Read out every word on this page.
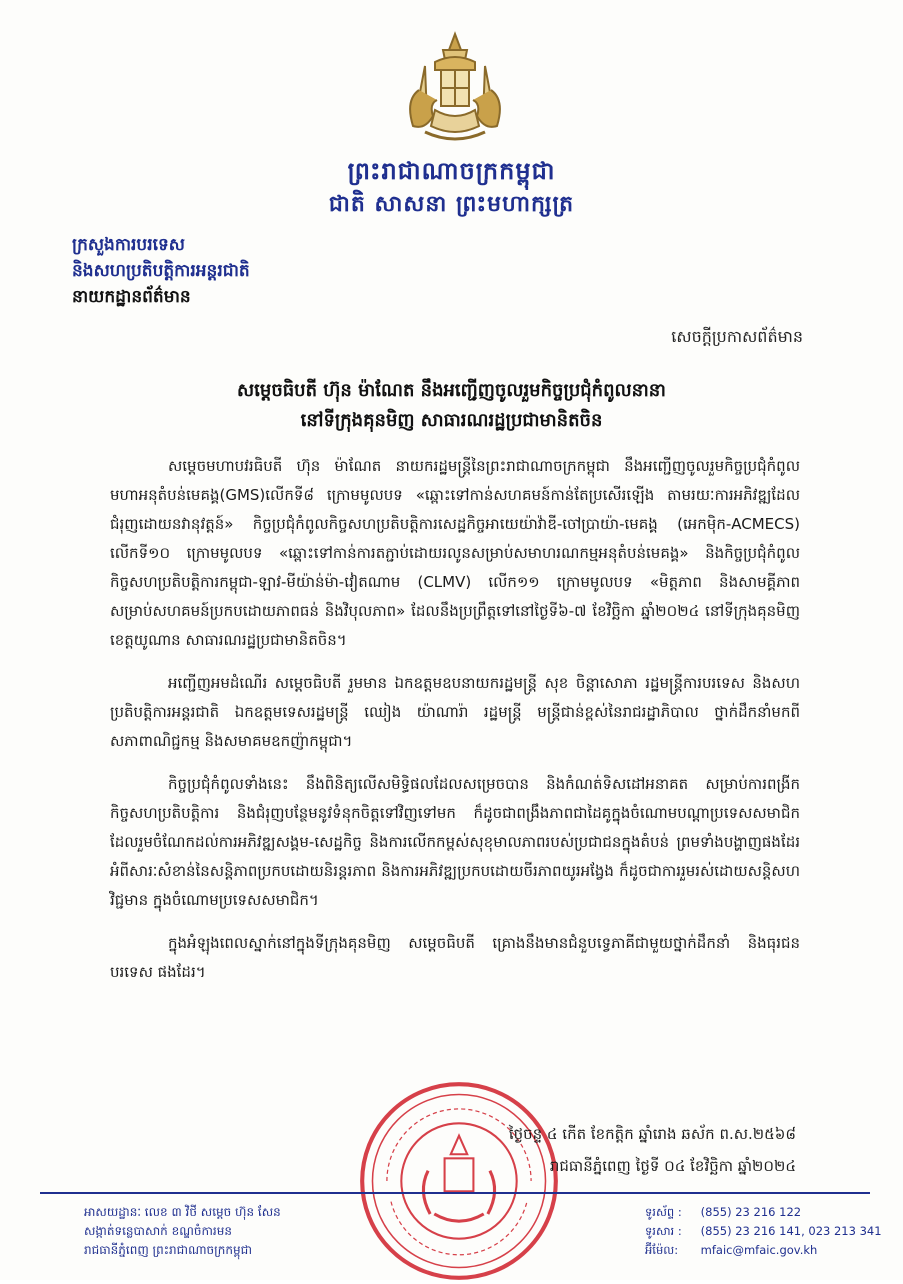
ព្រះរាជាណាចក្រកម្ពុជា
ជាតិ សាសនា ព្រះមហាក្សត្រ
ក្រសួងការបរទេស
និងសហប្រតិបត្តិការអន្តរជាតិ
នាយកដ្ឋានព័ត៌មាន
សេចក្តីប្រកាសព័ត៌មាន
សម្តេចធិបតី ហ៊ុន ម៉ាណែត នឹងអញ្ជើញចូលរួមកិច្ចប្រជុំកំពូលនានា
នៅទីក្រុងគុនមិញ សាធារណរដ្ឋប្រជាមានិតចិន

សម្តេចមហាបវរធិបតី ហ៊ុន ម៉ាណែត នាយករដ្ឋមន្ត្រីនៃព្រះរាជាណាចក្រកម្ពុជា នឹងអញ្ជើញចូលរួមកិច្ចប្រជុំកំពូលមហាអនុតំបន់មេគង្គ(GMS)លើកទី៨ ក្រោមមូលបទ «ឆ្ពោះទៅកាន់សហគមន៍កាន់តែប្រសើរឡើង តាមរយៈការអភិវឌ្ឍដែលជំរុញដោយនវានុវត្តន៍» កិច្ចប្រជុំកំពូលកិច្ចសហប្រតិបត្តិការសេដ្ឋកិច្ចអាយេយ៉ាវ៉ាឌី-ចៅប្រាយ៉ា-មេគង្គ (អេកម៉ិក-ACMECS) លើកទី១០ ក្រោមមូលបទ «ឆ្ពោះទៅកាន់ការតភ្ជាប់ដោយរលូនសម្រាប់សមាហរណកម្មអនុតំបន់មេគង្គ» និងកិច្ចប្រជុំកំពូលកិច្ចសហប្រតិបត្តិការកម្ពុជា-ឡាវ-មីយ៉ាន់ម៉ា-វៀតណាម (CLMV) លើក១១ ក្រោមមូលបទ «មិត្តភាព និងសាមគ្គីភាពសម្រាប់សហគមន៍ប្រកបដោយភាពធន់ និងវិបុលភាព» ដែលនឹងប្រព្រឹត្តទៅនៅថ្ងៃទី៦-៧ ខែវិច្ឆិកា ឆ្នាំ២០២៤ នៅទីក្រុងគុនមិញ ខេត្តយូណាន សាធារណរដ្ឋប្រជាមានិតចិន។

អញ្ជើញអមដំណើរ សម្តេចធិបតី រួមមាន ឯកឧត្តមឧបនាយករដ្ឋមន្ត្រី សុខ ចិន្តាសោភា រដ្ឋមន្ត្រីការបរទេស និងសហប្រតិបត្តិការអន្តរជាតិ ឯកឧត្តមទេសរដ្ឋមន្ត្រី ឈៀង យ៉ាណារ៉ា រដ្ឋមន្ត្រី មន្ត្រីជាន់ខ្ពស់នៃរាជរដ្ឋាភិបាល ថ្នាក់ដឹកនាំមកពីសភាពាណិជ្ជកម្ម និងសមាគមឧកញ៉ាកម្ពុជា។

កិច្ចប្រជុំកំពូលទាំងនេះ នឹងពិនិត្យលើសមិទ្ធិផលដែលសម្រេចបាន និងកំណត់ទិសដៅអនាគត សម្រាប់ការពង្រីកកិច្ចសហប្រតិបត្តិការ និងជំរុញបន្ថែមនូវទំនុកចិត្តទៅវិញទៅមក ក៏ដូចជាពង្រឹងភាពជាដៃគូក្នុងចំណោមបណ្តាប្រទេសសមាជិក ដែលរួមចំណែកដល់ការអភិវឌ្ឍសង្គម-សេដ្ឋកិច្ច និងការលើកកម្ពស់សុខុមាលភាពរបស់ប្រជាជនក្នុងតំបន់ ព្រមទាំងបង្ហាញផងដែរអំពីសារៈសំខាន់នៃសន្តិភាពប្រកបដោយនិរន្តរភាព និងការអភិវឌ្ឍប្រកបដោយចីរភាពយូរអង្វែង ក៏ដូចជាការរួមរស់ដោយសន្តិសហវិជ្ជមាន ក្នុងចំណោមប្រទេសសមាជិក។

ក្នុងអំឡុងពេលស្នាក់នៅក្នុងទីក្រុងគុនមិញ សម្តេចធិបតី គ្រោងនឹងមានជំនួបទ្វេភាគីជាមួយថ្នាក់ដឹកនាំ និងធុរជនបរទេស ផងដែរ។

ថ្ងៃចន្ទ ៤ កើត ខែកត្តិក ឆ្នាំរោង ឆស័ក ព.ស.២៥៦៨
រាជធានីភ្នំពេញ ថ្ងៃទី ០៤ ខែវិច្ឆិកា ឆ្នាំ២០២៤
អាសយដ្ឋានៈ លេខ ៣ វិថី សម្តេច ហ៊ុន សែន
សង្កាត់ទន្លេបាសាក់ ខណ្ឌចំការមន
រាជធានីភ្នំពេញ ព្រះរាជាណាចក្រកម្ពុជា
ទូរស័ព្ទ : (855) 23 216 122
ទូរសារ : (855) 23 216 141, 023 213 341
អ៊ីម៉ែល: mfaic@mfaic.gov.kh
